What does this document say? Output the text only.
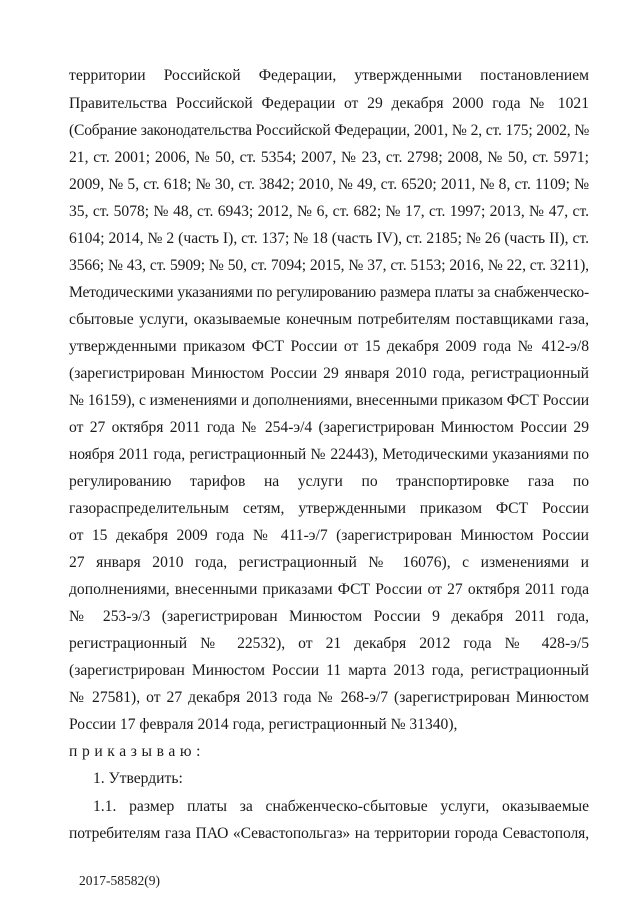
территории Российской Федерации, утвержденными постановлением
Правительства Российской Федерации от 29 декабря 2000 года № 1021
(Собрание законодательства Российской Федерации, 2001, № 2, ст. 175; 2002, №
21, ст. 2001; 2006, № 50, ст. 5354; 2007, № 23, ст. 2798; 2008, № 50, ст. 5971;
2009, № 5, ст. 618; № 30, ст. 3842; 2010, № 49, ст. 6520; 2011, № 8, ст. 1109; №
35, ст. 5078; № 48, ст. 6943; 2012, № 6, ст. 682; № 17, ст. 1997; 2013, № 47, ст.
6104; 2014, № 2 (часть I), ст. 137; № 18 (часть IV), ст. 2185; № 26 (часть II), ст.
3566; № 43, ст. 5909; № 50, ст. 7094; 2015, № 37, ст. 5153; 2016, № 22, ст. 3211),
Методическими указаниями по регулированию размера платы за снабженческо-
сбытовые услуги, оказываемые конечным потребителям поставщиками газа,
утвержденными приказом ФСТ России от 15 декабря 2009 года № 412-э/8
(зарегистрирован Минюстом России 29 января 2010 года, регистрационный
№ 16159), с изменениями и дополнениями, внесенными приказом ФСТ России
от 27 октября 2011 года № 254-э/4 (зарегистрирован Минюстом России 29
ноября 2011 года, регистрационный № 22443), Методическими указаниями по
регулированию тарифов на услуги по транспортировке газа по
газораспределительным сетям, утвержденными приказом ФСТ России
от 15 декабря 2009 года № 411-э/7 (зарегистрирован Минюстом России
27 января 2010 года, регистрационный № 16076), с изменениями и
дополнениями, внесенными приказами ФСТ России от 27 октября 2011 года
№ 253-э/3 (зарегистрирован Минюстом России 9 декабря 2011 года,
регистрационный № 22532), от 21 декабря 2012 года № 428-э/5
(зарегистрирован Минюстом России 11 марта 2013 года, регистрационный
№ 27581), от 27 декабря 2013 года № 268-э/7 (зарегистрирован Минюстом
России 17 февраля 2014 года, регистрационный № 31340),
приказываю:
1. Утвердить:
1.1. размер платы за снабженческо-сбытовые услуги, оказываемые
потребителям газа ПАО «Севастопольгаз» на территории города Севастополя,
2017-58582(9)
